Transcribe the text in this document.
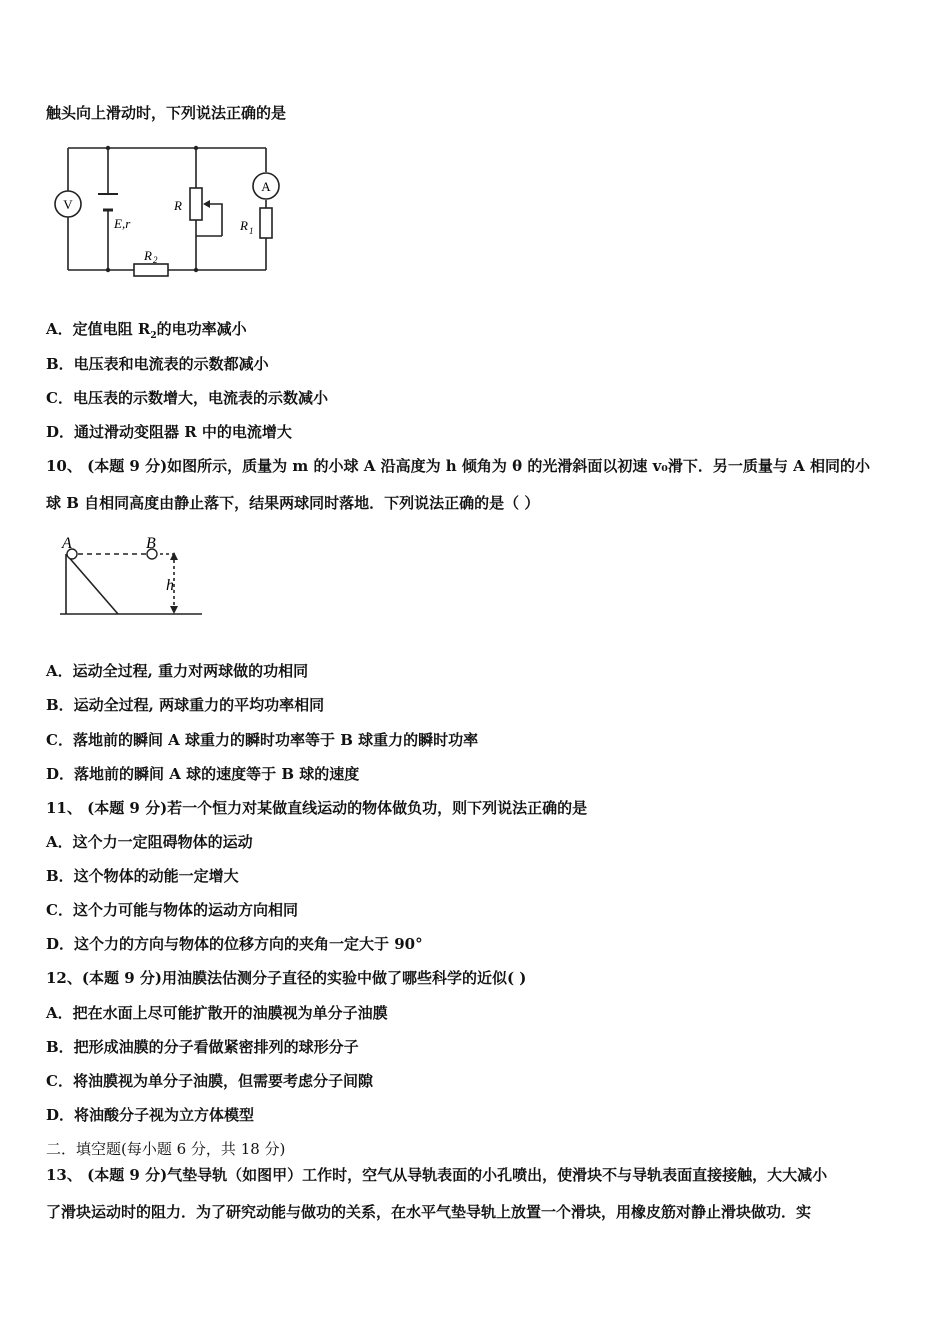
触头向上滑动时，下列说法正确的是
V
A
E,r
R
R 1
R 2
A．定值电阻 $R_2$的电功率减小
B．电压表和电流表的示数都减小
C．电压表的示数增大，电流表的示数减小
D．通过滑动变阻器 R 中的电流增大
10、 (本题 9 分)如图所示，质量为 m 的小球 A 沿高度为 h 倾角为 θ 的光滑斜面以初速 v₀滑下．另一质量与 A 相同的小
球 B 自相同高度由静止落下，结果两球同时落地．下列说法正确的是（ ）
A	B
h
A．运动全过程, 重力对两球做的功相同
B．运动全过程, 两球重力的平均功率相同
C．落地前的瞬间 A 球重力的瞬时功率等于 B 球重力的瞬时功率
D．落地前的瞬间 A 球的速度等于 B 球的速度
11、 (本题 9 分)若一个恒力对某做直线运动的物体做负功，则下列说法正确的是
A．这个力一定阻碍物体的运动
B．这个物体的动能一定增大
C．这个力可能与物体的运动方向相同
D．这个力的方向与物体的位移方向的夹角一定大于 90°
12、(本题 9 分)用油膜法估测分子直径的实验中做了哪些科学的近似( )
A．把在水面上尽可能扩散开的油膜视为单分子油膜
B．把形成油膜的分子看做紧密排列的球形分子
C．将油膜视为单分子油膜，但需要考虑分子间隙
D．将油酸分子视为立方体模型
二．填空题(每小题 6 分，共 18 分)
13、 (本题 9 分)气垫导轨（如图甲）工作时，空气从导轨表面的小孔喷出，使滑块不与导轨表面直接接触，大大减小
了滑块运动时的阻力．为了研究动能与做功的关系，在水平气垫导轨上放置一个滑块，用橡皮筋对静止滑块做功．实
